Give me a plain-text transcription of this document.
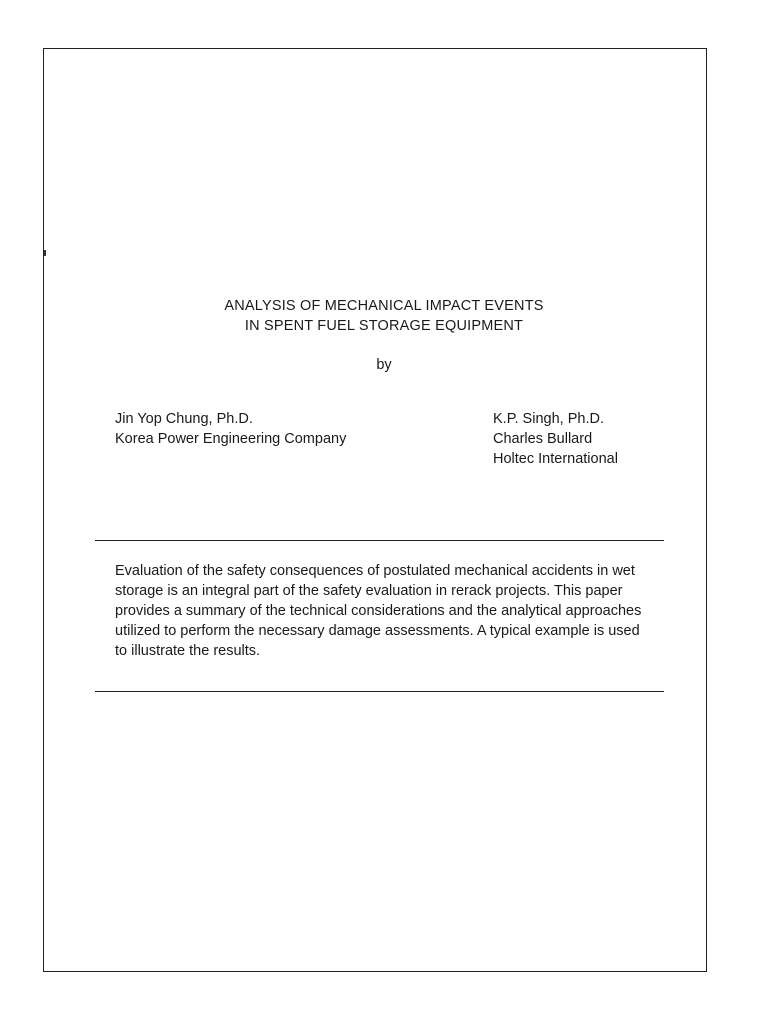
ANALYSIS OF MECHANICAL IMPACT EVENTS
IN SPENT FUEL STORAGE EQUIPMENT
by
Jin Yop Chung, Ph.D.
Korea Power Engineering Company
K.P. Singh, Ph.D.
Charles Bullard
Holtec International
Evaluation of the safety consequences of postulated mechanical accidents in wet
storage is an integral part of the safety evaluation in rerack projects. This paper
provides a summary of the technical considerations and the analytical approaches
utilized to perform the necessary damage assessments. A typical example is used
to illustrate the results.
